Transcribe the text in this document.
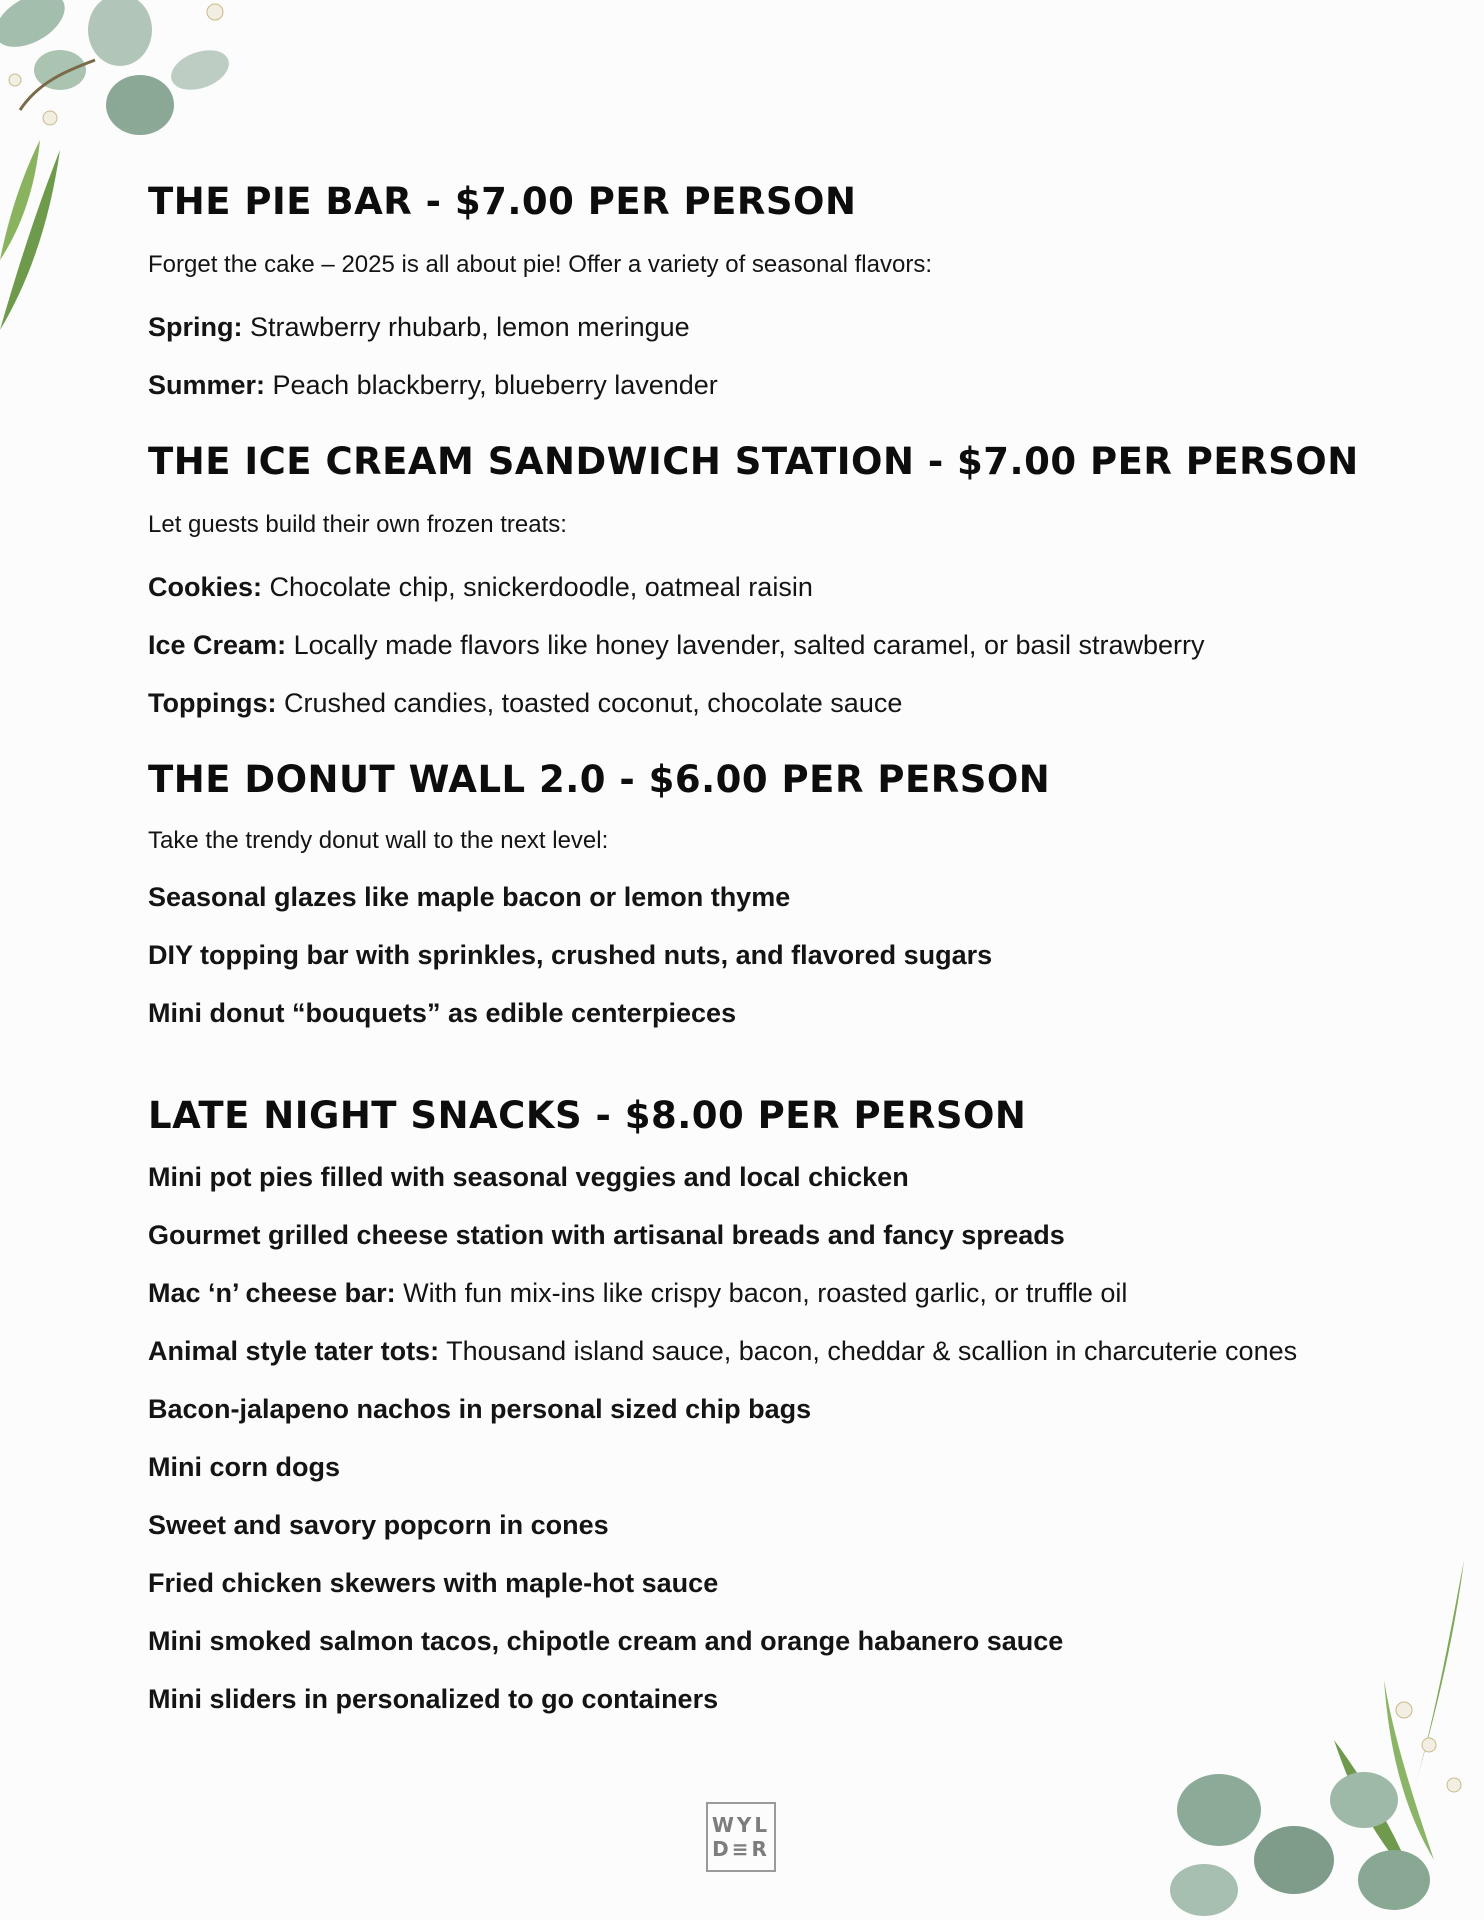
THE PIE BAR - $7.00 PER PERSON

Forget the cake – 2025 is all about pie! Offer a variety of seasonal flavors:

Spring: Strawberry rhubarb, lemon meringue

Summer: Peach blackberry, blueberry lavender

THE ICE CREAM SANDWICH STATION - $7.00 PER PERSON

Let guests build their own frozen treats:

Cookies: Chocolate chip, snickerdoodle, oatmeal raisin

Ice Cream: Locally made flavors like honey lavender, salted caramel, or basil strawberry

Toppings: Crushed candies, toasted coconut, chocolate sauce

THE DONUT WALL 2.0 - $6.00 PER PERSON

Take the trendy donut wall to the next level:

Seasonal glazes like maple bacon or lemon thyme

DIY topping bar with sprinkles, crushed nuts, and flavored sugars

Mini donut “bouquets” as edible centerpieces

LATE NIGHT SNACKS - $8.00 PER PERSON

Mini pot pies filled with seasonal veggies and local chicken

Gourmet grilled cheese station with artisanal breads and fancy spreads

Mac ‘n’ cheese bar: With fun mix-ins like crispy bacon, roasted garlic, or truffle oil

Animal style tater tots: Thousand island sauce, bacon, cheddar & scallion in charcuterie cones

Bacon-jalapeno nachos in personal sized chip bags

Mini corn dogs

Sweet and savory popcorn in cones

Fried chicken skewers with maple-hot sauce

Mini smoked salmon tacos, chipotle cream and orange habanero sauce

Mini sliders in personalized to go containers

WYL
D≡R
